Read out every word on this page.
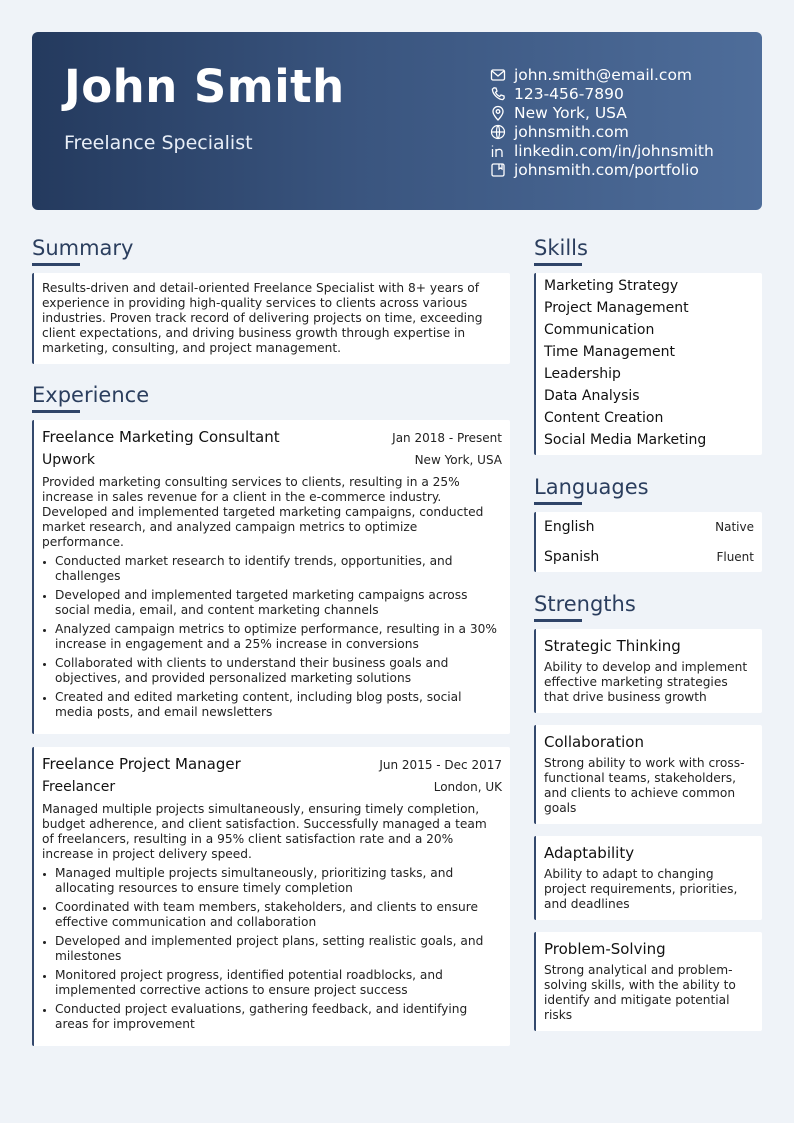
John Smith
Freelance Specialist
john.smith@email.com
123-456-7890
New York, USA
johnsmith.com
linkedin.com/in/johnsmith
johnsmith.com/portfolio
Summary
Results-driven and detail-oriented Freelance Specialist with 8+ years of experience in providing high-quality services to clients across various industries. Proven track record of delivering projects on time, exceeding client expectations, and driving business growth through expertise in marketing, consulting, and project management.
Experience
Freelance Marketing Consultant	Jan 2018 - Present
Upwork	New York, USA
Provided marketing consulting services to clients, resulting in a 25% increase in sales revenue for a client in the e-commerce industry. Developed and implemented targeted marketing campaigns, conducted market research, and analyzed campaign metrics to optimize performance.
• Conducted market research to identify trends, opportunities, and challenges
• Developed and implemented targeted marketing campaigns across social media, email, and content marketing channels
• Analyzed campaign metrics to optimize performance, resulting in a 30% increase in engagement and a 25% increase in conversions
• Collaborated with clients to understand their business goals and objectives, and provided personalized marketing solutions
• Created and edited marketing content, including blog posts, social media posts, and email newsletters
Freelance Project Manager	Jun 2015 - Dec 2017
Freelancer	London, UK
Managed multiple projects simultaneously, ensuring timely completion, budget adherence, and client satisfaction. Successfully managed a team of freelancers, resulting in a 95% client satisfaction rate and a 20% increase in project delivery speed.
• Managed multiple projects simultaneously, prioritizing tasks, and allocating resources to ensure timely completion
• Coordinated with team members, stakeholders, and clients to ensure effective communication and collaboration
• Developed and implemented project plans, setting realistic goals, and milestones
• Monitored project progress, identified potential roadblocks, and implemented corrective actions to ensure project success
• Conducted project evaluations, gathering feedback, and identifying areas for improvement
Skills
Marketing Strategy
Project Management
Communication
Time Management
Leadership
Data Analysis
Content Creation
Social Media Marketing
Languages
English	Native
Spanish	Fluent
Strengths
Strategic Thinking
Ability to develop and implement effective marketing strategies that drive business growth
Collaboration
Strong ability to work with cross-functional teams, stakeholders, and clients to achieve common goals
Adaptability
Ability to adapt to changing project requirements, priorities, and deadlines
Problem-Solving
Strong analytical and problem-solving skills, with the ability to identify and mitigate potential risks
